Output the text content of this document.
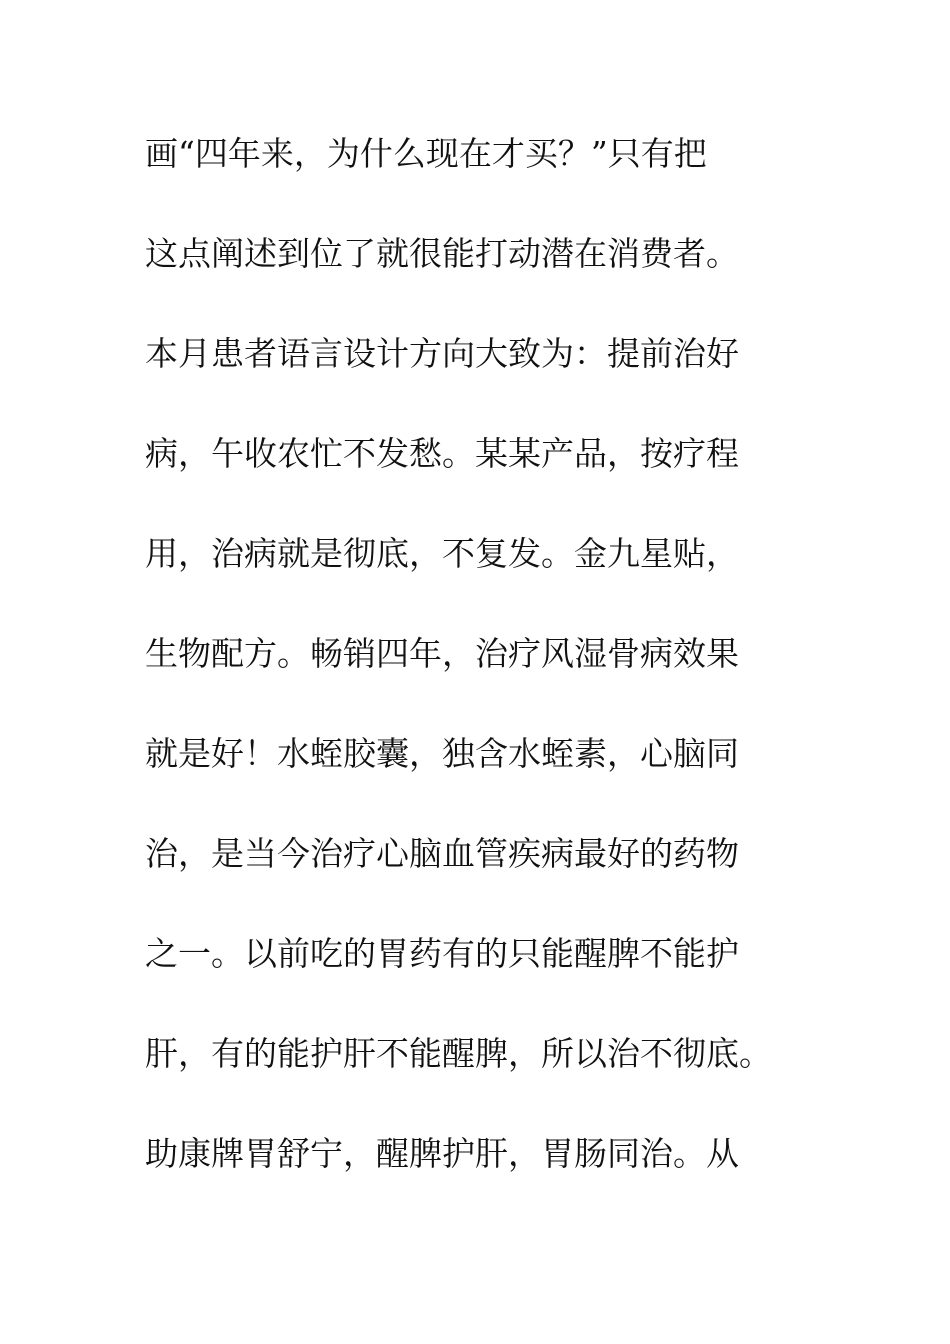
画“四年来，为什么现在才买？”只有把
这点阐述到位了就很能打动潜在消费者。
本月患者语言设计方向大致为：提前治好
病，午收农忙不发愁。某某产品，按疗程
用，治病就是彻底，不复发。金九星贴，
生物配方。畅销四年，治疗风湿骨病效果
就是好！水蛭胶囊，独含水蛭素，心脑同
治，是当今治疗心脑血管疾病最好的药物
之一。以前吃的胃药有的只能醒脾不能护
肝，有的能护肝不能醒脾，所以治不彻底。
助康牌胃舒宁，醒脾护肝，胃肠同治。从
